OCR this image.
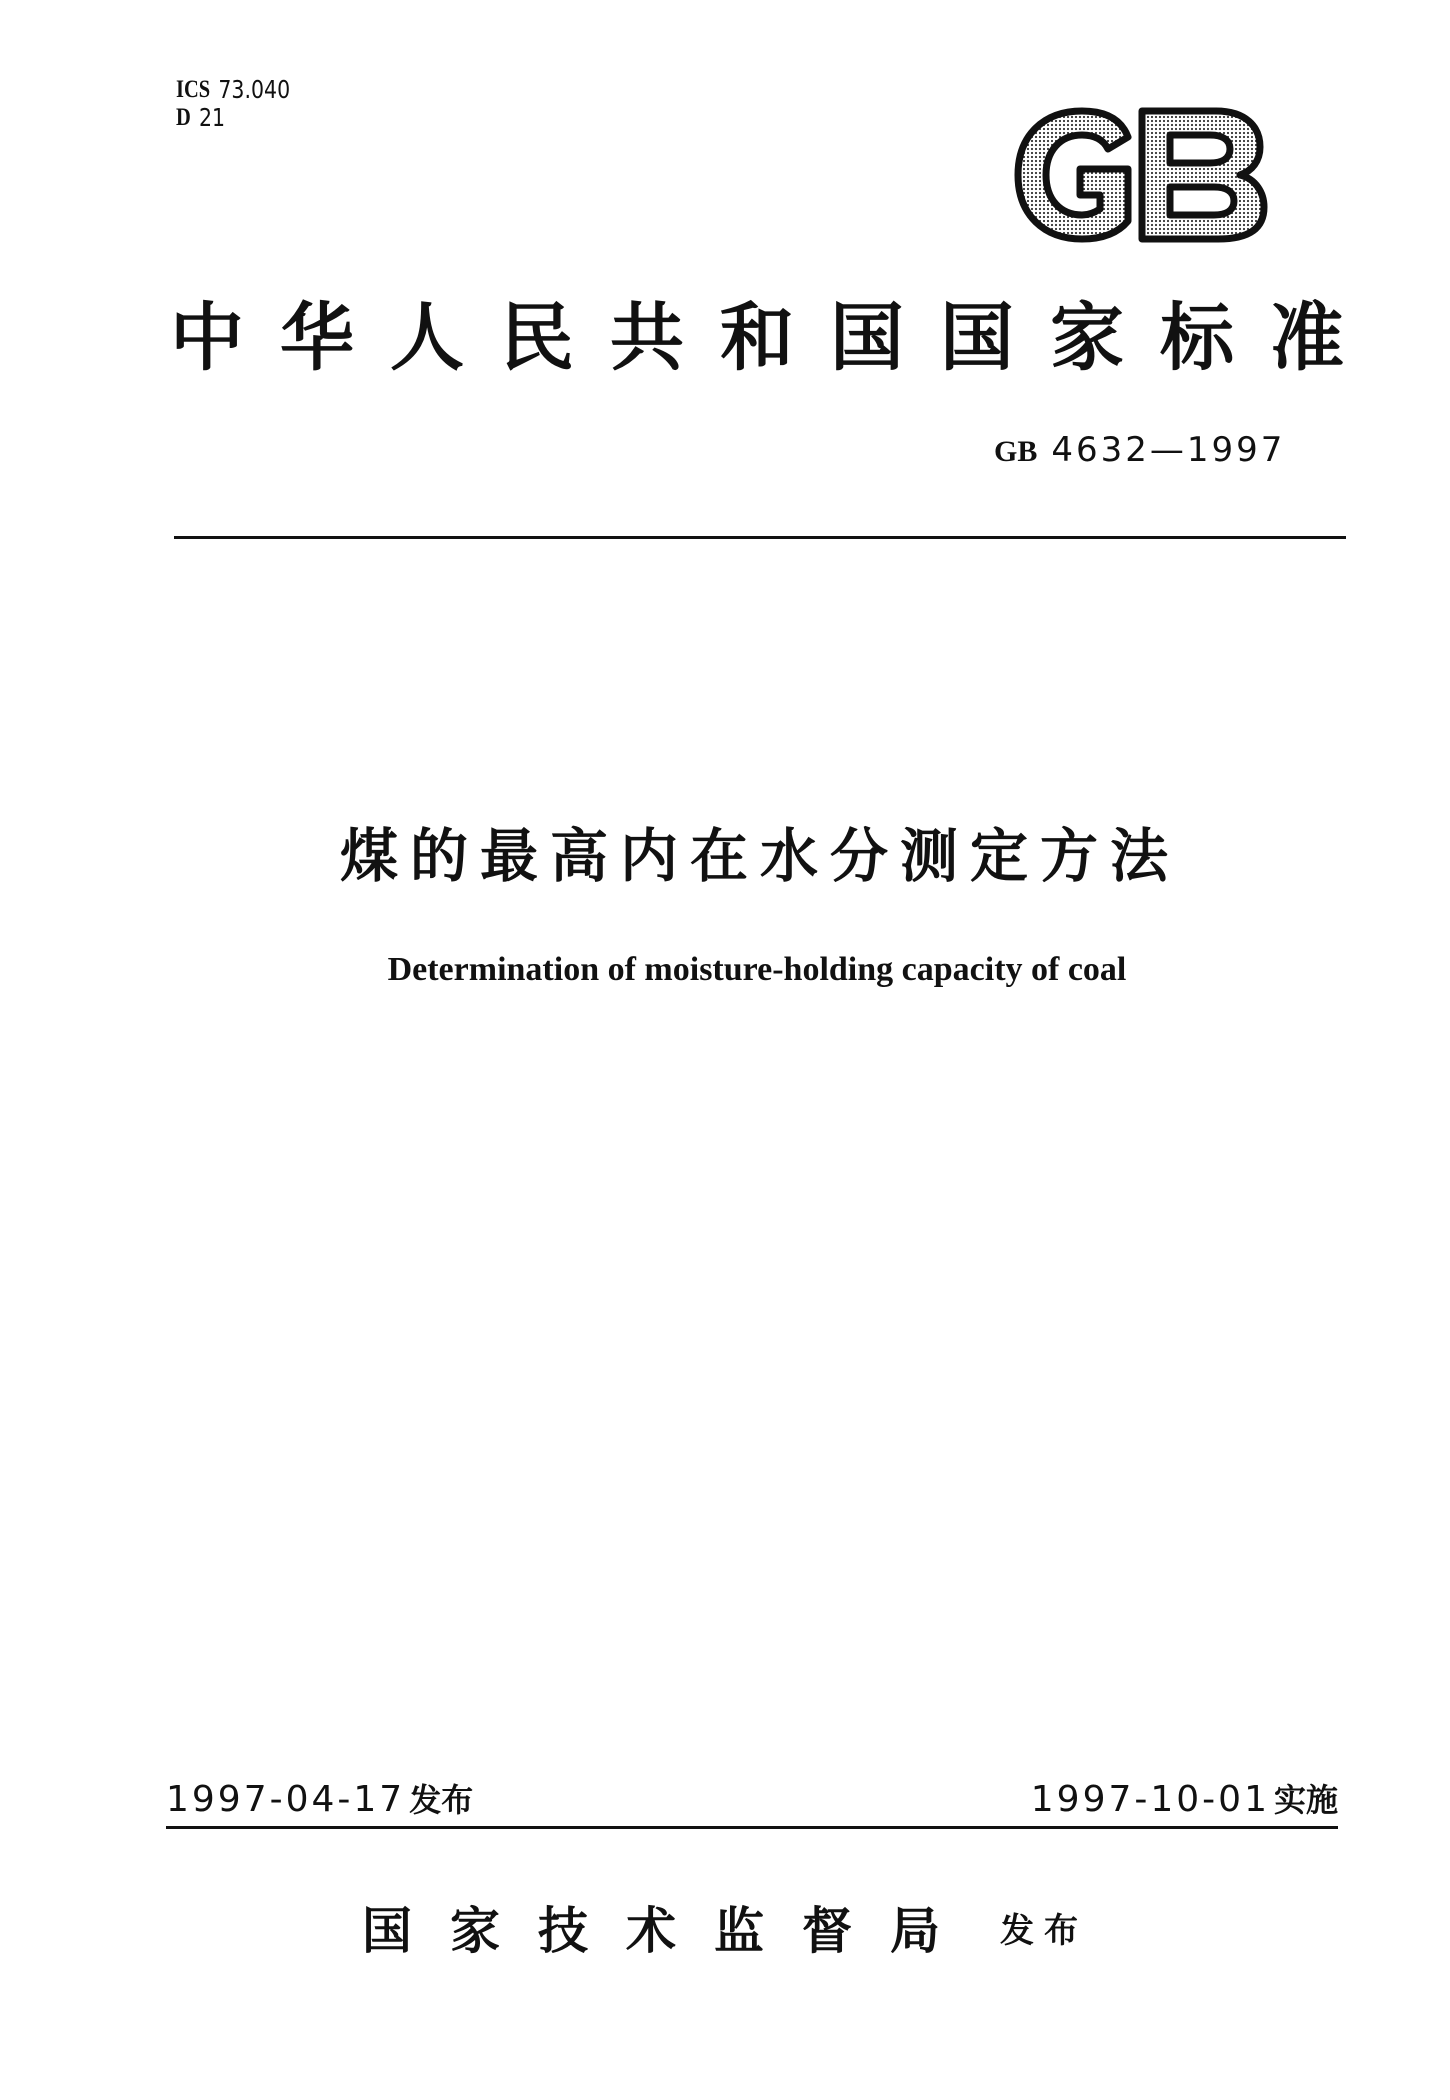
ICS 73.040
D 21
中华人民共和国国家标准
GB 4632—1997
煤的最高内在水分测定方法
Determination of moisture-holding capacity of coal
1997-04-17 发布	1997-10-01 实施
国家技术监督局 发布
